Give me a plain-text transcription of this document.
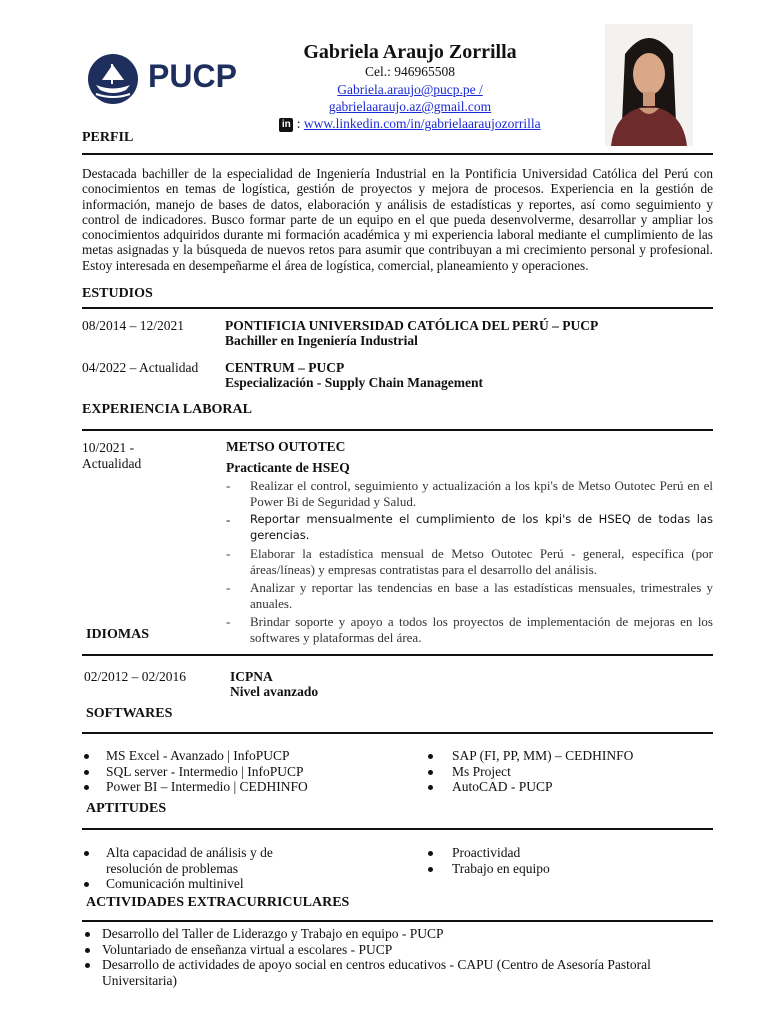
PUCP
Gabriela Araujo Zorrilla
Cel.: 946965508
Gabriela.araujo@pucp.pe /
gabrielaaraujo.az@gmail.com
in : www.linkedin.com/in/gabrielaaraujozorrilla
PERFIL
Destacada bachiller de la especialidad de Ingeniería Industrial en la Pontificia Universidad Católica del Perú con conocimientos en temas de logística, gestión de proyectos y mejora de procesos. Experiencia en la gestión de información, manejo de bases de datos, elaboración y análisis de estadísticas y reportes, así como seguimiento y control de indicadores. Busco formar parte de un equipo en el que pueda desenvolverme, desarrollar y ampliar los conocimientos adquiridos durante mi formación académica y mi experiencia laboral mediante el cumplimiento de las metas asignadas y la búsqueda de nuevos retos para asumir que contribuyan a mi crecimiento personal y profesional. Estoy interesada en desempeñarme el área de logística, comercial, planeamiento y operaciones.
ESTUDIOS
08/2014 – 12/2021	PONTIFICIA UNIVERSIDAD CATÓLICA DEL PERÚ – PUCP
Bachiller en Ingeniería Industrial
04/2022 – Actualidad CENTRUM – PUCP
Especialización - Supply Chain Management
EXPERIENCIA LABORAL
10/2021 -
Actualidad
METSO OUTOTEC
Practicante de HSEQ
- Realizar el control, seguimiento y actualización a los kpi's de Metso Outotec Perú en el Power Bi de Seguridad y Salud.
- Reportar mensualmente el cumplimiento de los kpi's de HSEQ de todas las gerencias.
- Elaborar la estadística mensual de Metso Outotec Perú - general, específica (por áreas/líneas) y empresas contratistas para el desarrollo del análisis.
- Analizar y reportar las tendencias en base a las estadísticas mensuales, trimestrales y anuales.
- Brindar soporte y apoyo a todos los proyectos de implementación de mejoras en los softwares y plataformas del área.
IDIOMAS
02/2012 – 02/2016	ICPNA
Nivel avanzado
SOFTWARES
MS Excel - Avanzado | InfoPUCP
SQL server - Intermedio | InfoPUCP
Power BI – Intermedio | CEDHINFO
SAP (FI, PP, MM) – CEDHINFO
Ms Project
AutoCAD - PUCP
APTITUDES
Alta capacidad de análisis y de
resolución de problemas
Comunicación multinivel
Proactividad
Trabajo en equipo
ACTIVIDADES EXTRACURRICULARES
Desarrollo del Taller de Liderazgo y Trabajo en equipo - PUCP
Voluntariado de enseñanza virtual a escolares - PUCP
Desarrollo de actividades de apoyo social en centros educativos - CAPU (Centro de Asesoría Pastoral Universitaria)
